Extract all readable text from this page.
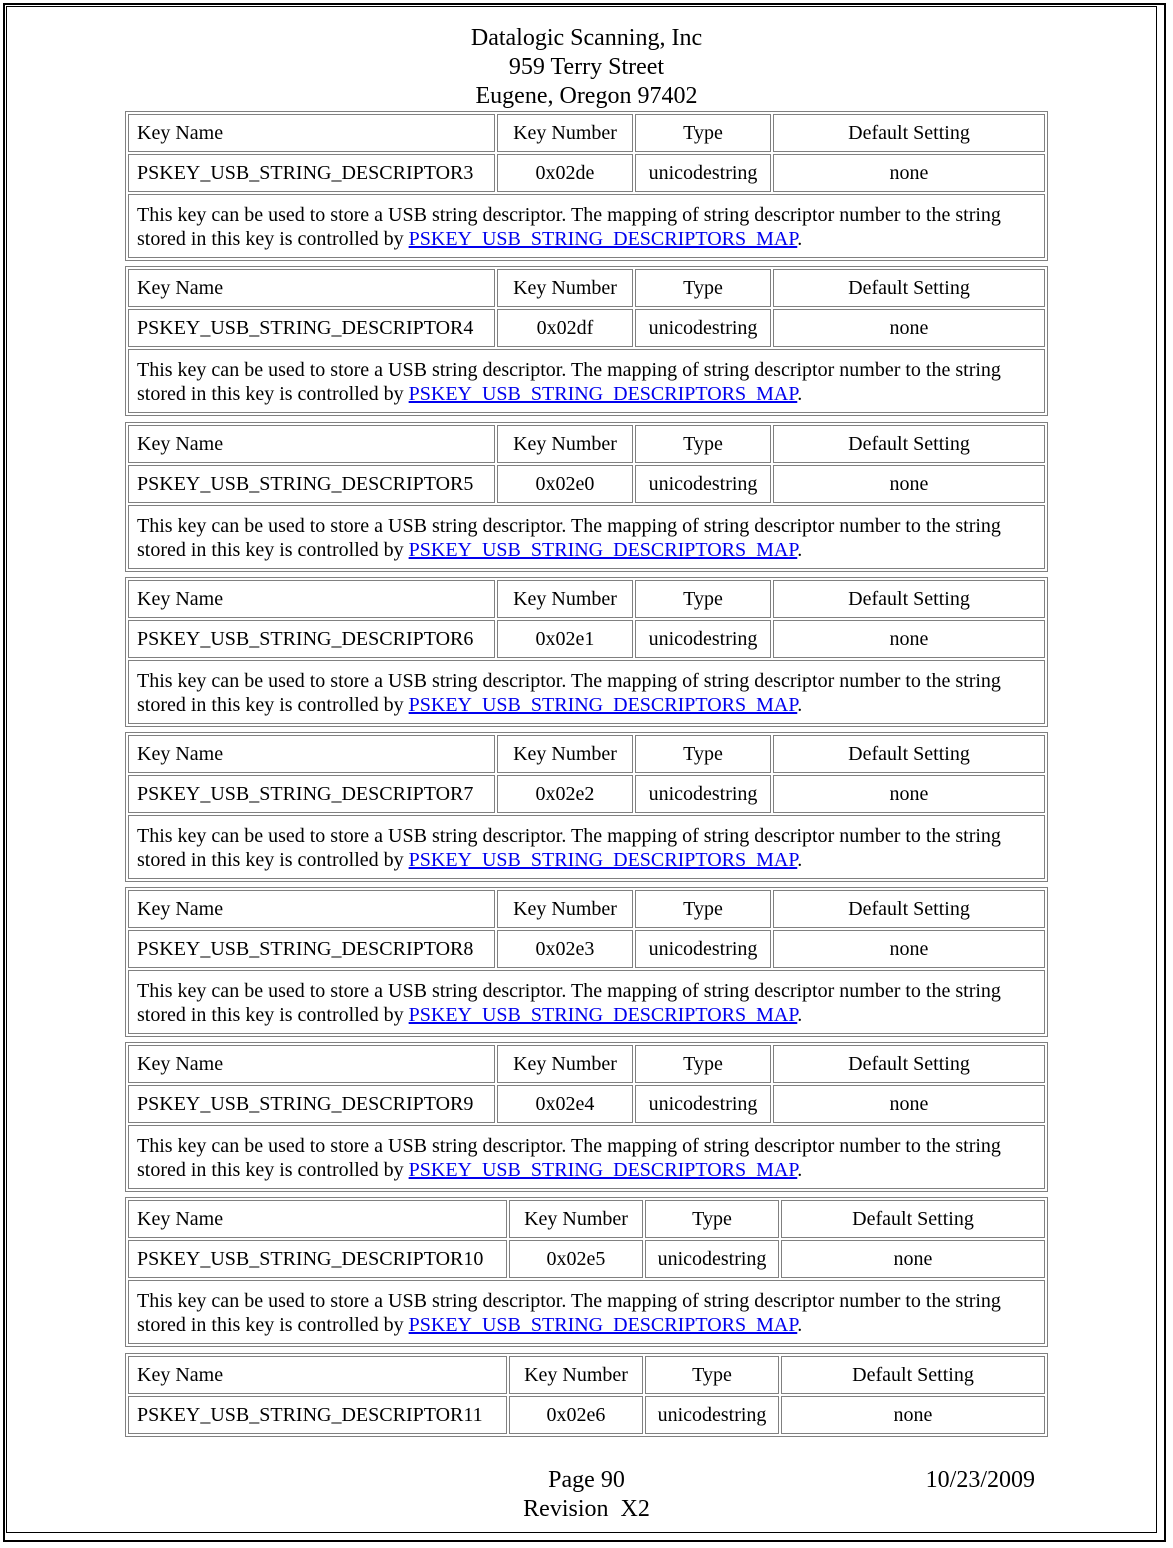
Datalogic Scanning, Inc
959 Terry Street
Eugene, Oregon 97402
Key Name	Key Number	Type	Default Setting
PSKEY_USB_STRING_DESCRIPTOR3	0x02de	unicodestring	none
This key can be used to store a USB string descriptor. The mapping of string descriptor number to the string stored in this key is controlled by PSKEY_USB_STRING_DESCRIPTORS_MAP.			
Key Name	Key Number	Type	Default Setting
PSKEY_USB_STRING_DESCRIPTOR4	0x02df	unicodestring	none
This key can be used to store a USB string descriptor. The mapping of string descriptor number to the string stored in this key is controlled by PSKEY_USB_STRING_DESCRIPTORS_MAP.			
Key Name	Key Number	Type	Default Setting
PSKEY_USB_STRING_DESCRIPTOR5	0x02e0	unicodestring	none
This key can be used to store a USB string descriptor. The mapping of string descriptor number to the string stored in this key is controlled by PSKEY_USB_STRING_DESCRIPTORS_MAP.			
Key Name	Key Number	Type	Default Setting
PSKEY_USB_STRING_DESCRIPTOR6	0x02e1	unicodestring	none
This key can be used to store a USB string descriptor. The mapping of string descriptor number to the string stored in this key is controlled by PSKEY_USB_STRING_DESCRIPTORS_MAP.			
Key Name	Key Number	Type	Default Setting
PSKEY_USB_STRING_DESCRIPTOR7	0x02e2	unicodestring	none
This key can be used to store a USB string descriptor. The mapping of string descriptor number to the string stored in this key is controlled by PSKEY_USB_STRING_DESCRIPTORS_MAP.			
Key Name	Key Number	Type	Default Setting
PSKEY_USB_STRING_DESCRIPTOR8	0x02e3	unicodestring	none
This key can be used to store a USB string descriptor. The mapping of string descriptor number to the string stored in this key is controlled by PSKEY_USB_STRING_DESCRIPTORS_MAP.			
Key Name	Key Number	Type	Default Setting
PSKEY_USB_STRING_DESCRIPTOR9	0x02e4	unicodestring	none
This key can be used to store a USB string descriptor. The mapping of string descriptor number to the string stored in this key is controlled by PSKEY_USB_STRING_DESCRIPTORS_MAP.			
Key Name	Key Number	Type	Default Setting
PSKEY_USB_STRING_DESCRIPTOR10	0x02e5	unicodestring	none
This key can be used to store a USB string descriptor. The mapping of string descriptor number to the string stored in this key is controlled by PSKEY_USB_STRING_DESCRIPTORS_MAP.			
Key Name	Key Number	Type	Default Setting
PSKEY_USB_STRING_DESCRIPTOR11	0x02e6	unicodestring	none
Page 90	10/23/2009
Revision  X2
